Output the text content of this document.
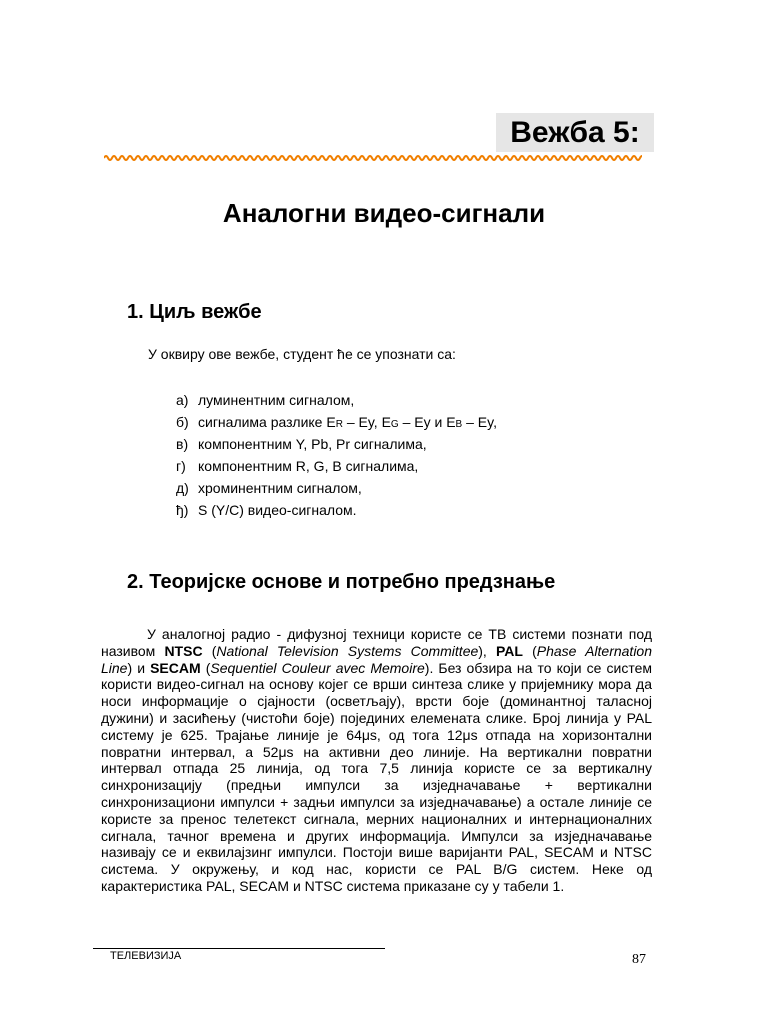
Вежба 5:
Аналогни видео-сигнали
1. Циљ вежбе
У оквиру ове вежбе, студент ће се упознати са:
а) луминентним сигналом,
б) сигналима разлике ER – Ey, EG – Ey и EB – Ey,
в) компонентним Y, Pb, Pr сигналима,
г) компонентним R, G, B сигналима,
д) хроминентним сигналом,
ђ) S (Y/C) видео-сигналом.
2. Теоријске основе и потребно предзнање
У аналогној радио - дифузној техници користе се ТВ системи познати под
називом NTSC (National Television Systems Committee), PAL (Phase Alternation
Line) и SECAM (Sequentiel Couleur avec Memoire). Без обзира на то који се систем
користи видео-сигнал на основу којег се врши синтеза слике у пријемнику мора да
носи информације о сјајности (осветљају), врсти боје (доминантној таласној
дужини) и засићењу (чистоћи боје) појединих елемената слике. Број линија у PAL
систему је 625. Трајање линије је 64μs, од тога 12μs отпада на хоризонтални
повратни интервал, а 52μs на активни део линије. На вертикални повратни
интервал отпада 25 линија, од тога 7,5 линија користе се за вертикалну
синхронизацију (предњи импулси за изједначавање + вертикални
синхронизациони импулси + задњи импулси за изједначавање) а остале линије се
користе за пренос телетекст сигнала, мерних националних и интернационалних
сигнала, тачног времена и других информација. Импулси за изједначавање
називају се и еквилајзинг импулси. Постоји више варијанти PAL, SECAM и NTSC
система. У окружењу, и код нас, користи се PAL B/G систем. Неке од
карактеристика PAL, SECAM и NTSC система приказане су у табели 1.
ТЕЛЕВИЗИЈА	87
